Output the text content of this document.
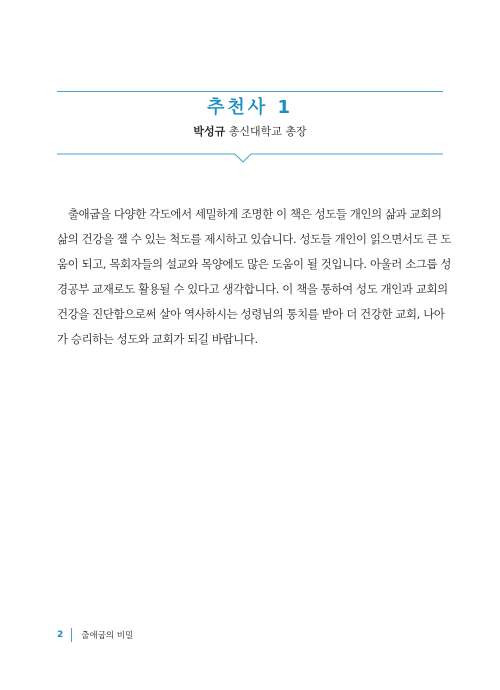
추천사 1
박성규 총신대학교 총장
출애굽을 다양한 각도에서 세밀하게 조명한 이 책은 성도들 개인의 삶과 교회의
삶의 건강을 잴 수 있는 척도를 제시하고 있습니다. 성도들 개인이 읽으면서도 큰 도
움이 되고, 목회자들의 설교와 목양에도 많은 도움이 될 것입니다. 아울러 소그룹 성
경공부 교재로도 활용될 수 있다고 생각합니다. 이 책을 통하여 성도 개인과 교회의
건강을 진단함으로써 살아 역사하시는 성령님의 통치를 받아 더 건강한 교회, 나아
가 승리하는 성도와 교회가 되길 바랍니다.
2 출애굽의 비밀
